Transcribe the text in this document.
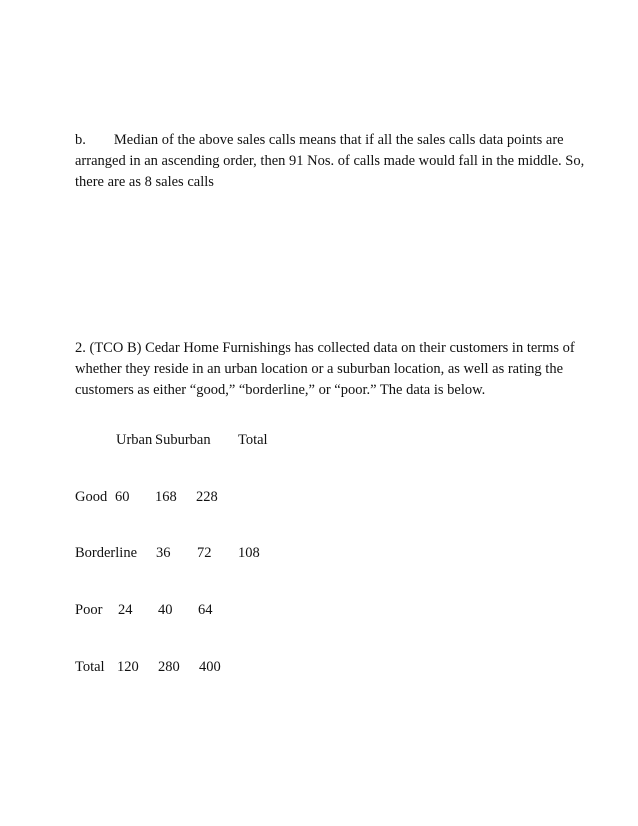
b. Median of the above sales calls means that if all the sales calls data points are
arranged in an ascending order, then 91 Nos. of calls made would fall in the middle. So,
there are as 8 sales calls
2. (TCO B) Cedar Home Furnishings has collected data on their customers in terms of
whether they reside in an urban location or a suburban location, as well as rating the
customers as either “good,” “borderline,” or “poor.” The data is below.
Urban Suburban Total
Good 60 168 228
Borderline 36 72 108
Poor 24 40 64
Total 120 280 400
